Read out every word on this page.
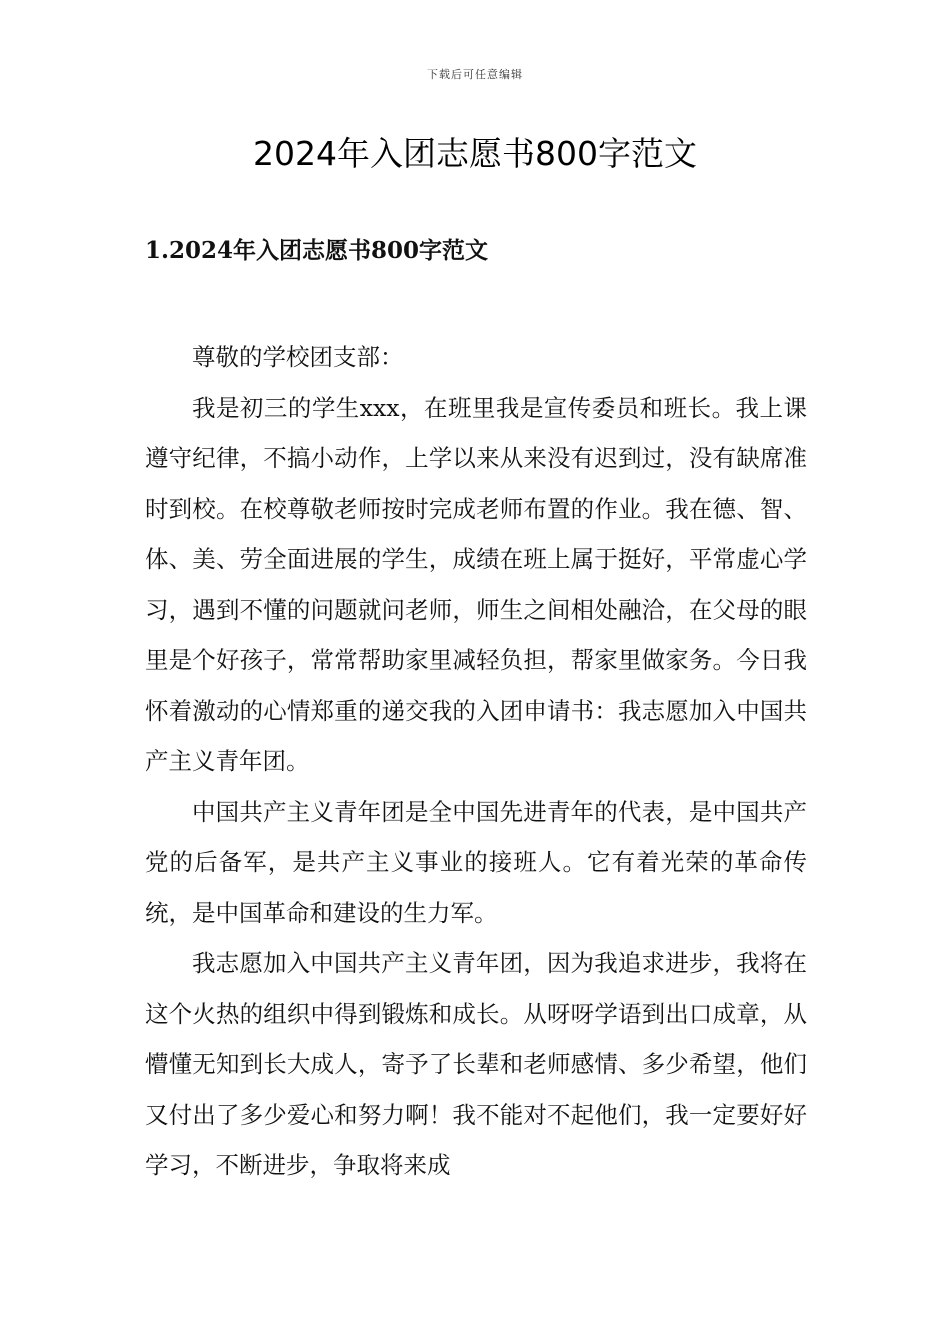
下载后可任意编辑
2024年入团志愿书800字范文
1.2024年入团志愿书800字范文

尊敬的学校团支部：

我是初三的学生xxx，在班里我是宣传委员和班长。我上课遵守纪律，不搞小动作，上学以来从来没有迟到过，没有缺席准时到校。在校尊敬老师按时完成老师布置的作业。我在德、智、体、美、劳全面进展的学生，成绩在班上属于挺好，平常虚心学习，遇到不懂的问题就问老师，师生之间相处融洽，在父母的眼里是个好孩子，常常帮助家里减轻负担，帮家里做家务。今日我怀着激动的心情郑重的递交我的入团申请书：我志愿加入中国共产主义青年团。

中国共产主义青年团是全中国先进青年的代表，是中国共产党的后备军，是共产主义事业的接班人。它有着光荣的革命传统，是中国革命和建设的生力军。

我志愿加入中国共产主义青年团，因为我追求进步，我将在这个火热的组织中得到锻炼和成长。从呀呀学语到出口成章，从懵懂无知到长大成人，寄予了长辈和老师感情、多少希望，他们又付出了多少爱心和努力啊！我不能对不起他们，我一定要好好学习，不断进步，争取将来成
